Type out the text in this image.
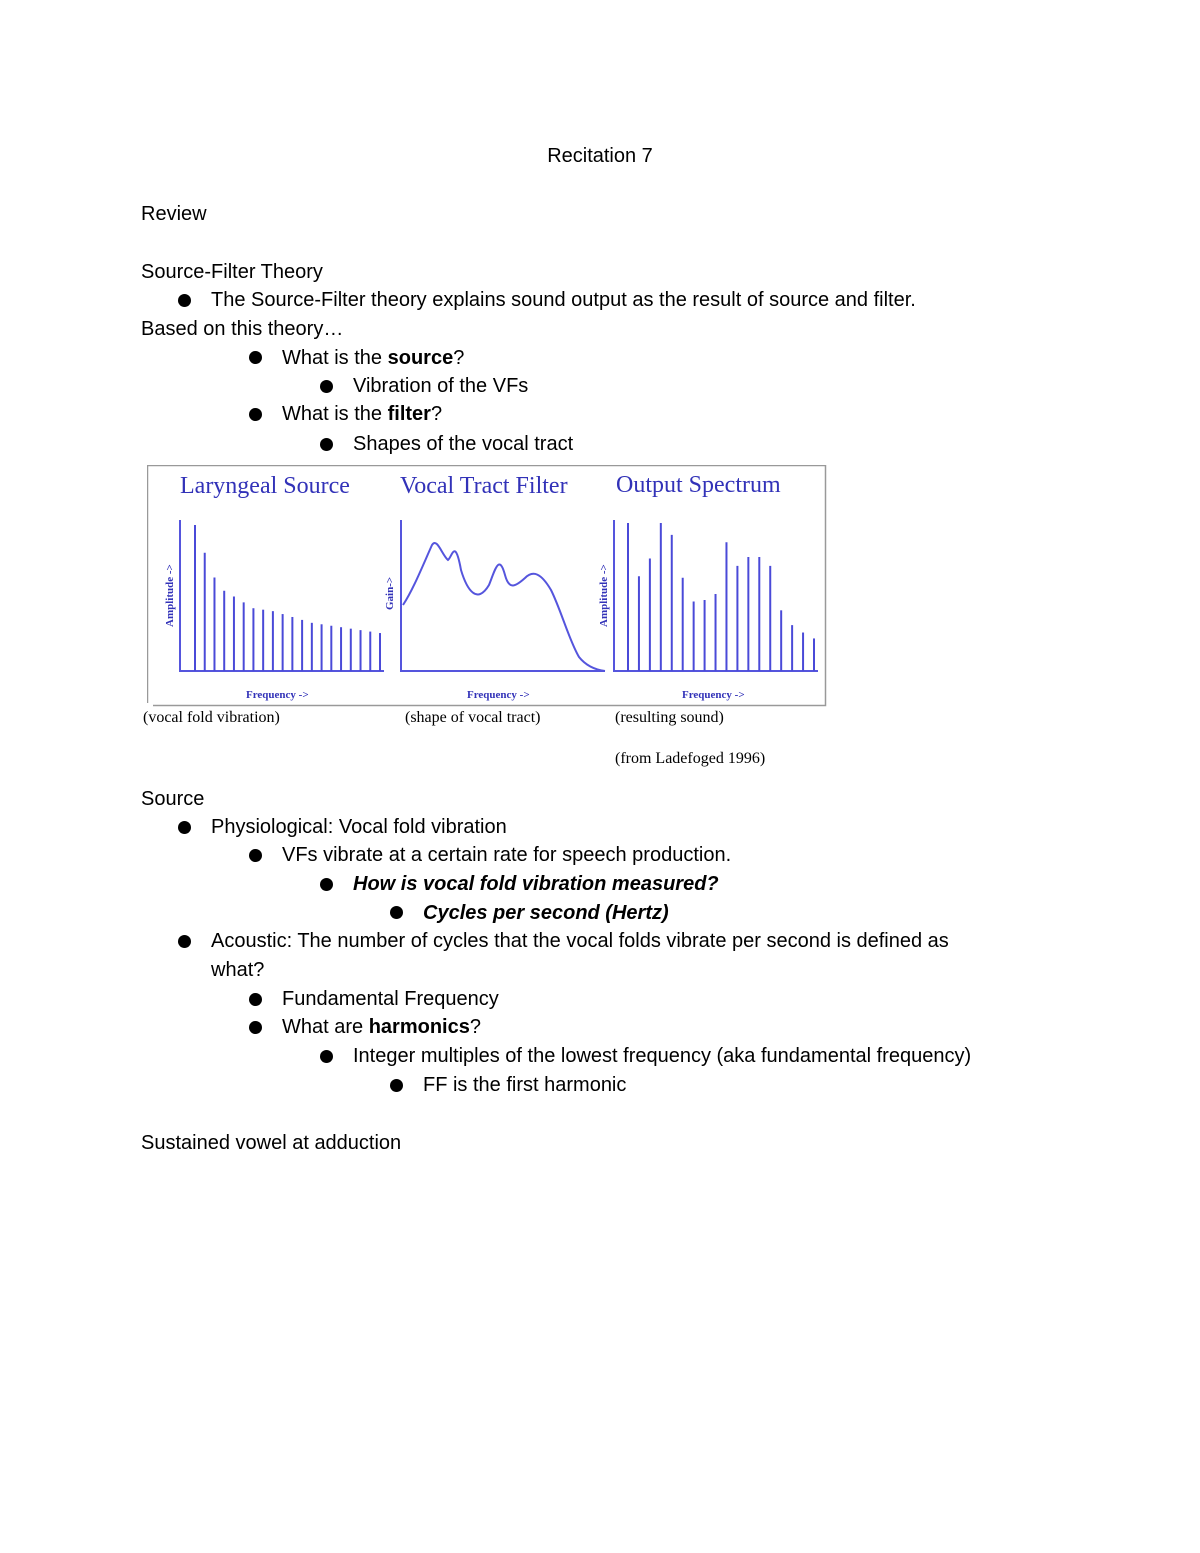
Recitation 7
Review
Source-Filter Theory
The Source-Filter theory explains sound output as the result of source and filter.
Based on this theory…
What is the source?
Vibration of the VFs
What is the filter?
Shapes of the vocal tract
Laryngeal Source Vocal Tract Filter Output Spectrum
Amplitude ->	Gain->	Amplitude ->
Frequency ->	Frequency ->	Frequency ->
(vocal fold vibration)	(shape of vocal tract)	(resulting sound)
(from Ladefoged 1996)
Source
Physiological: Vocal fold vibration
VFs vibrate at a certain rate for speech production.
How is vocal fold vibration measured?
Cycles per second (Hertz)
Acoustic: The number of cycles that the vocal folds vibrate per second is defined as
what?
Fundamental Frequency
What are harmonics?
Integer multiples of the lowest frequency (aka fundamental frequency)
FF is the first harmonic
Sustained vowel at adduction
